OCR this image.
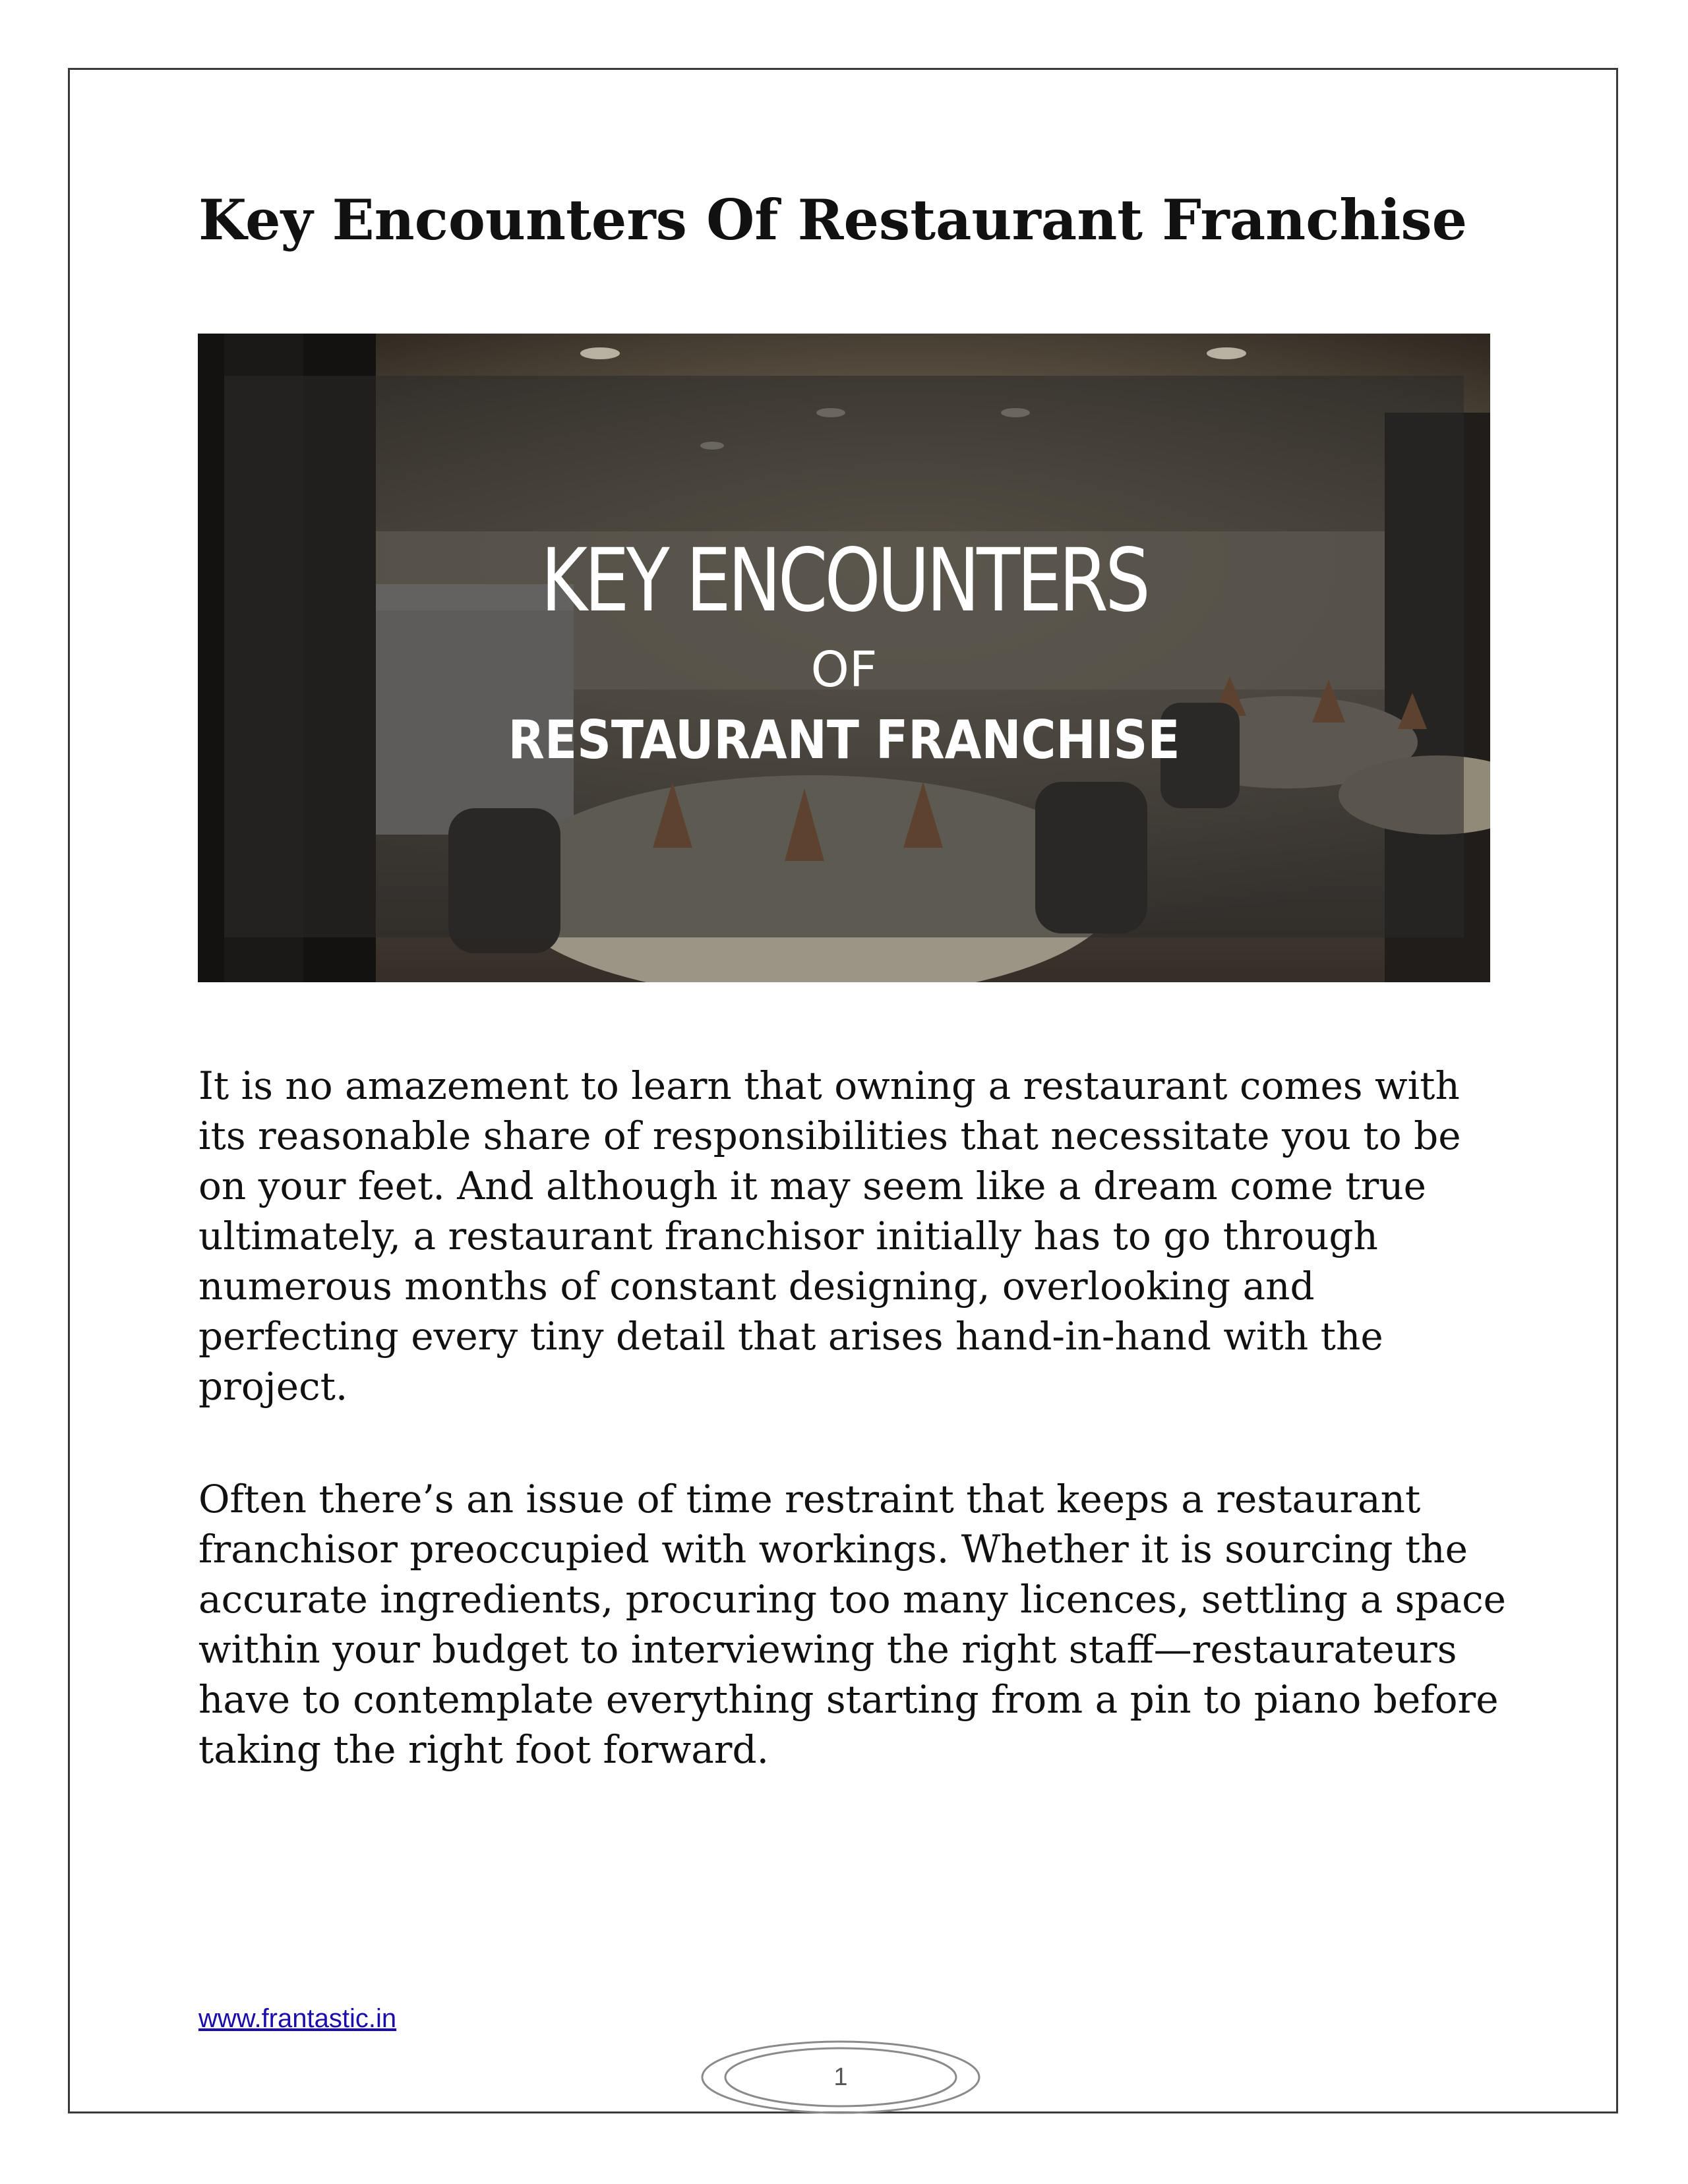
Key Encounters Of Restaurant Franchise
KEY ENCOUNTERS
OF
RESTAURANT FRANCHISE

It is no amazement to learn that owning a restaurant comes with
its reasonable share of responsibilities that necessitate you to be
on your feet. And although it may seem like a dream come true
ultimately, a restaurant franchisor initially has to go through
numerous months of constant designing, overlooking and
perfecting every tiny detail that arises hand-in-hand with the
project.

Often there’s an issue of time restraint that keeps a restaurant
franchisor preoccupied with workings. Whether it is sourcing the
accurate ingredients, procuring too many licences, settling a space
within your budget to interviewing the right staff—restaurateurs
have to contemplate everything starting from a pin to piano before
taking the right foot forward.

www.frantastic.in
1
